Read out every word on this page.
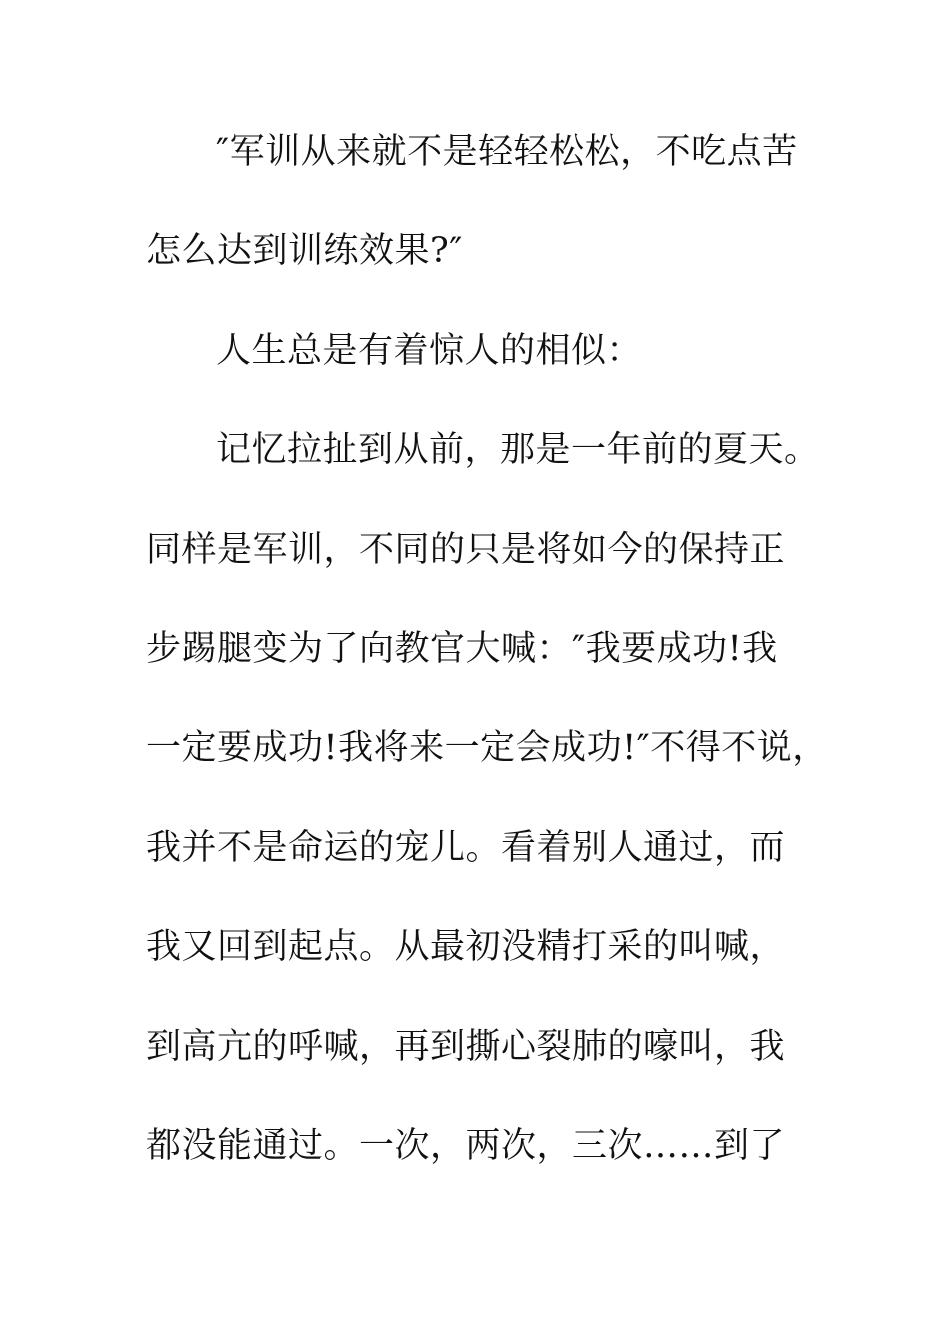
″军训从来就不是轻轻松松，不吃点苦
怎么达到训练效果?″
人生总是有着惊人的相似：
记忆拉扯到从前，那是一年前的夏天。
同样是军训，不同的只是将如今的保持正
步踢腿变为了向教官大喊：″我要成功!我
一定要成功!我将来一定会成功!″不得不说，
我并不是命运的宠儿。看着别人通过，而
我又回到起点。从最初没精打采的叫喊，
到高亢的呼喊，再到撕心裂肺的嚎叫，我
都没能通过。一次，两次，三次……到了
